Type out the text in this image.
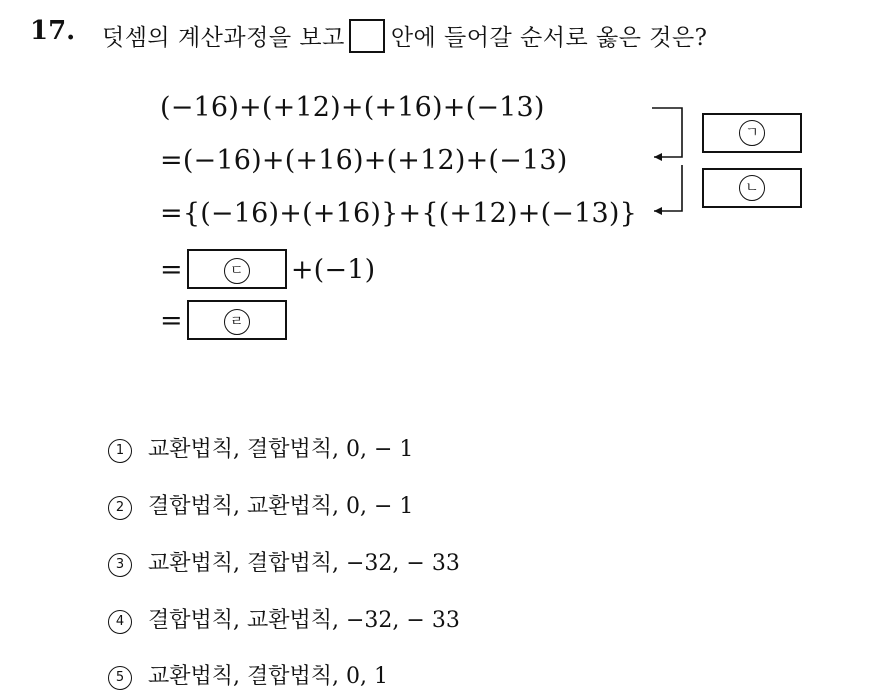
17. 덧셈의 계산과정을 보고 안에 들어갈 순서로 옳은 것은?
(−16)+(+12)+(+16)+(−13)
=(−16)+(+16)+(+12)+(−13)
={(−16)+(+16)}+{(+12)+(−13)}
=	ㄷ +(−1)
=	ㄹ
ㄱ
ㄴ
1 교환법칙, 결합법칙, 0, − 1
2 결합법칙, 교환법칙, 0, − 1
3 교환법칙, 결합법칙, −32, − 33
4 결합법칙, 교환법칙, −32, − 33
5 교환법칙, 결합법칙, 0, 1
